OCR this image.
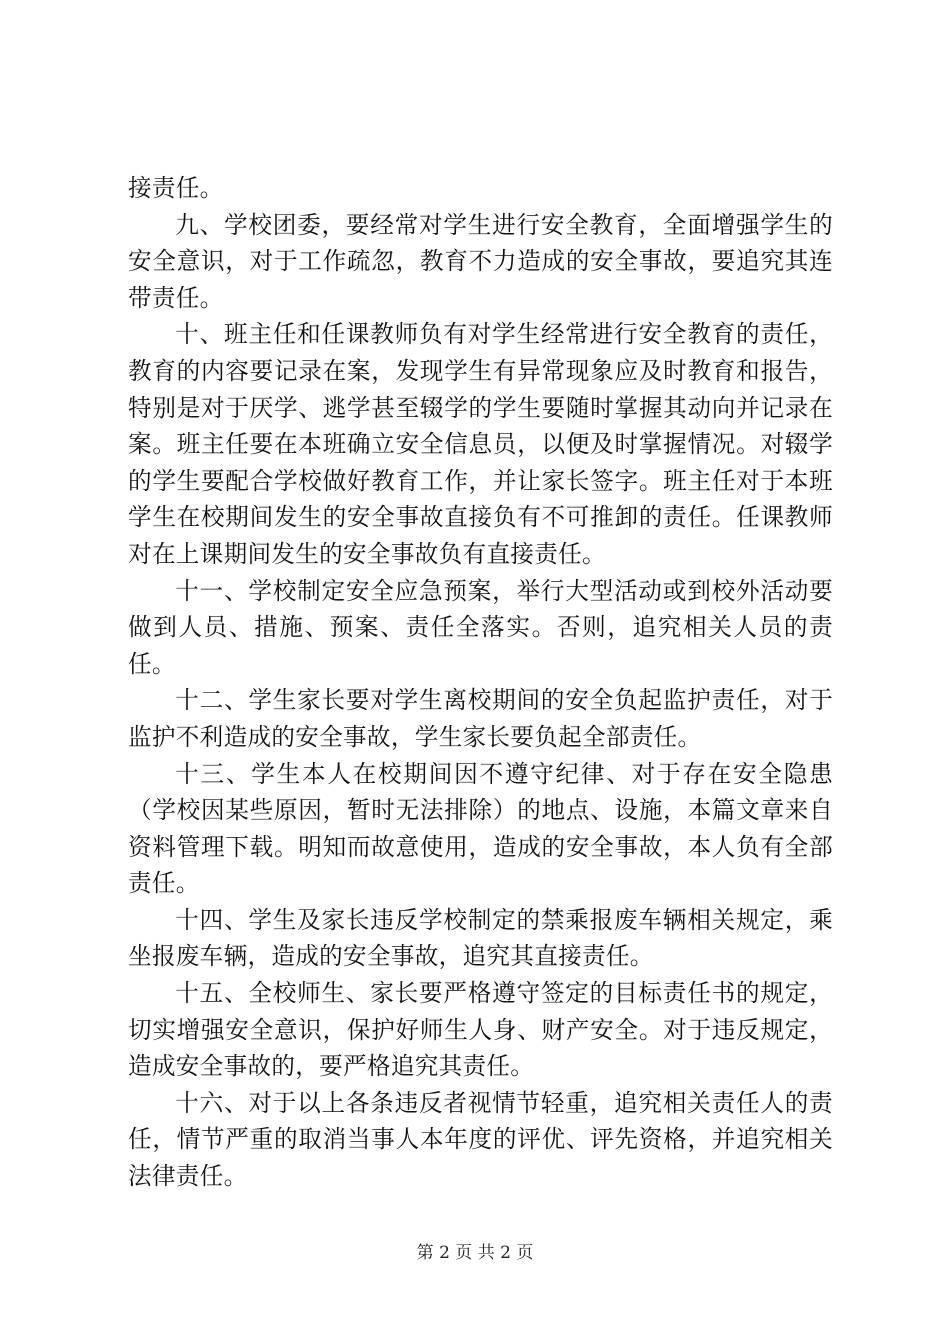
接责任。

九、学校团委，要经常对学生进行安全教育，全面增强学生的安全意识，对于工作疏忽，教育不力造成的安全事故，要追究其连带责任。

十、班主任和任课教师负有对学生经常进行安全教育的责任，教育的内容要记录在案，发现学生有异常现象应及时教育和报告，特别是对于厌学、逃学甚至辍学的学生要随时掌握其动向并记录在案。班主任要在本班确立安全信息员，以便及时掌握情况。对辍学的学生要配合学校做好教育工作，并让家长签字。班主任对于本班学生在校期间发生的安全事故直接负有不可推卸的责任。任课教师对在上课期间发生的安全事故负有直接责任。

十一、学校制定安全应急预案，举行大型活动或到校外活动要做到人员、措施、预案、责任全落实。否则，追究相关人员的责任。

十二、学生家长要对学生离校期间的安全负起监护责任，对于监护不利造成的安全事故，学生家长要负起全部责任。

十三、学生本人在校期间因不遵守纪律、对于存在安全隐患（学校因某些原因，暂时无法排除）的地点、设施，本篇文章来自资料管理下载。明知而故意使用，造成的安全事故，本人负有全部责任。

十四、学生及家长违反学校制定的禁乘报废车辆相关规定，乘坐报废车辆，造成的安全事故，追究其直接责任。

十五、全校师生、家长要严格遵守签定的目标责任书的规定，切实增强安全意识，保护好师生人身、财产安全。对于违反规定，造成安全事故的，要严格追究其责任。

十六、对于以上各条违反者视情节轻重，追究相关责任人的责任，情节严重的取消当事人本年度的评优、评先资格，并追究相关法律责任。

第 2 页 共 2 页
